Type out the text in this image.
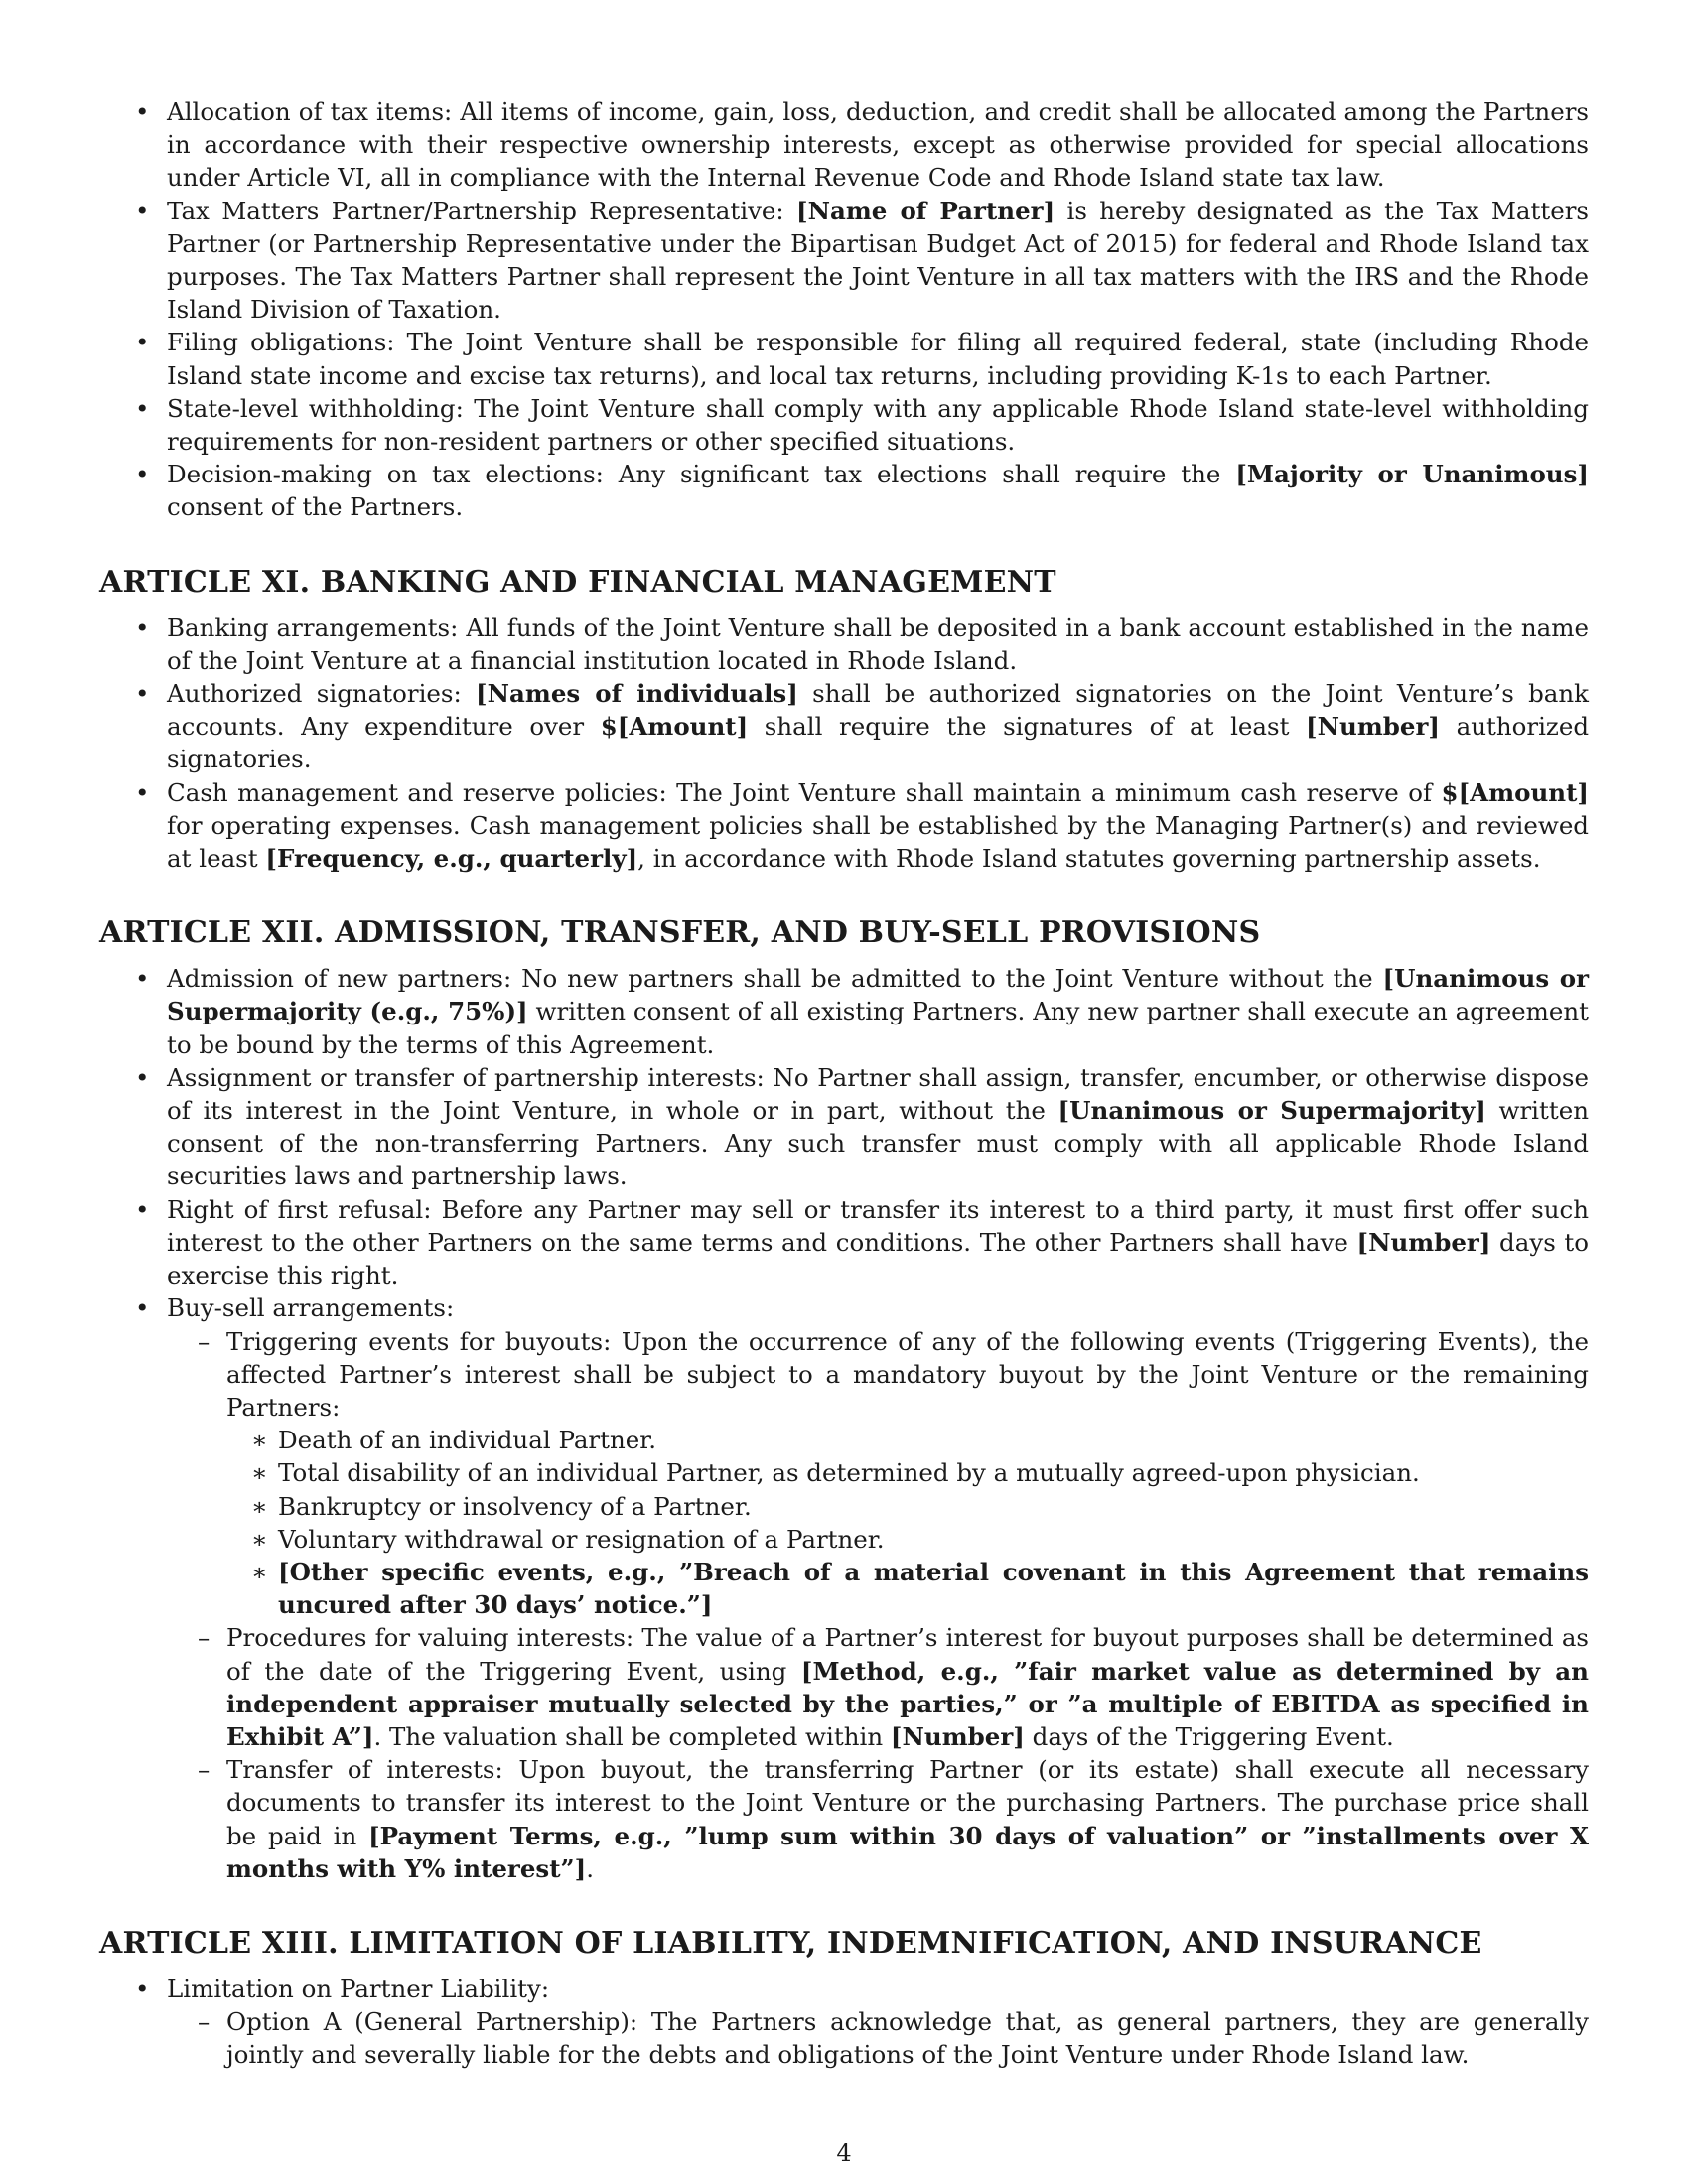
• Allocation of tax items: All items of income, gain, loss, deduction, and credit shall be allocated among the Partners in accordance with their respective ownership interests, except as otherwise provided for special allocations under Article VI, all in compliance with the Internal Revenue Code and Rhode Island state tax law.
• Tax Matters Partner/Partnership Representative: [Name of Partner] is hereby designated as the Tax Matters Partner (or Partnership Representative under the Bipartisan Budget Act of 2015) for federal and Rhode Island tax purposes. The Tax Matters Partner shall represent the Joint Venture in all tax matters with the IRS and the Rhode Island Division of Taxation.
• Filing obligations: The Joint Venture shall be responsible for filing all required federal, state (including Rhode Island state income and excise tax returns), and local tax returns, including providing K-1s to each Partner.
• State-level withholding: The Joint Venture shall comply with any applicable Rhode Island state-level withholding requirements for non-resident partners or other specified situations.
• Decision-making on tax elections: Any significant tax elections shall require the [Majority or Unanimous] consent of the Partners.
ARTICLE XI. BANKING AND FINANCIAL MANAGEMENT
• Banking arrangements: All funds of the Joint Venture shall be deposited in a bank account established in the name of the Joint Venture at a financial institution located in Rhode Island.
• Authorized signatories: [Names of individuals] shall be authorized signatories on the Joint Venture’s bank accounts. Any expenditure over $[Amount] shall require the signatures of at least [Number] authorized signatories.
• Cash management and reserve policies: The Joint Venture shall maintain a minimum cash reserve of $[Amount] for operating expenses. Cash management policies shall be established by the Managing Partner(s) and reviewed at least [Frequency, e.g., quarterly], in accordance with Rhode Island statutes governing partnership assets.
ARTICLE XII. ADMISSION, TRANSFER, AND BUY-SELL PROVISIONS
• Admission of new partners: No new partners shall be admitted to the Joint Venture without the [Unanimous or Supermajority (e.g., 75%)] written consent of all existing Partners. Any new partner shall execute an agreement to be bound by the terms of this Agreement.
• Assignment or transfer of partnership interests: No Partner shall assign, transfer, encumber, or otherwise dispose of its interest in the Joint Venture, in whole or in part, without the [Unanimous or Supermajority] written consent of the non-transferring Partners. Any such transfer must comply with all applicable Rhode Island securities laws and partnership laws.
• Right of first refusal: Before any Partner may sell or transfer its interest to a third party, it must first offer such interest to the other Partners on the same terms and conditions. The other Partners shall have [Number] days to exercise this right.
• Buy-sell arrangements:
– Triggering events for buyouts: Upon the occurrence of any of the following events (Triggering Events), the affected Partner’s interest shall be subject to a mandatory buyout by the Joint Venture or the remaining Partners:
∗ Death of an individual Partner.
∗ Total disability of an individual Partner, as determined by a mutually agreed-upon physician.
∗ Bankruptcy or insolvency of a Partner.
∗ Voluntary withdrawal or resignation of a Partner.
∗ [Other specific events, e.g., ”Breach of a material covenant in this Agreement that remains uncured after 30 days’ notice.”]
– Procedures for valuing interests: The value of a Partner’s interest for buyout purposes shall be determined as of the date of the Triggering Event, using [Method, e.g., ”fair market value as determined by an independent appraiser mutually selected by the parties,” or ”a multiple of EBITDA as specified in Exhibit A”]. The valuation shall be completed within [Number] days of the Triggering Event.
– Transfer of interests: Upon buyout, the transferring Partner (or its estate) shall execute all necessary documents to transfer its interest to the Joint Venture or the purchasing Partners. The purchase price shall be paid in [Payment Terms, e.g., ”lump sum within 30 days of valuation” or ”installments over X months with Y% interest”].
ARTICLE XIII. LIMITATION OF LIABILITY, INDEMNIFICATION, AND INSURANCE
• Limitation on Partner Liability:
– Option A (General Partnership): The Partners acknowledge that, as general partners, they are generally jointly and severally liable for the debts and obligations of the Joint Venture under Rhode Island law.
4
